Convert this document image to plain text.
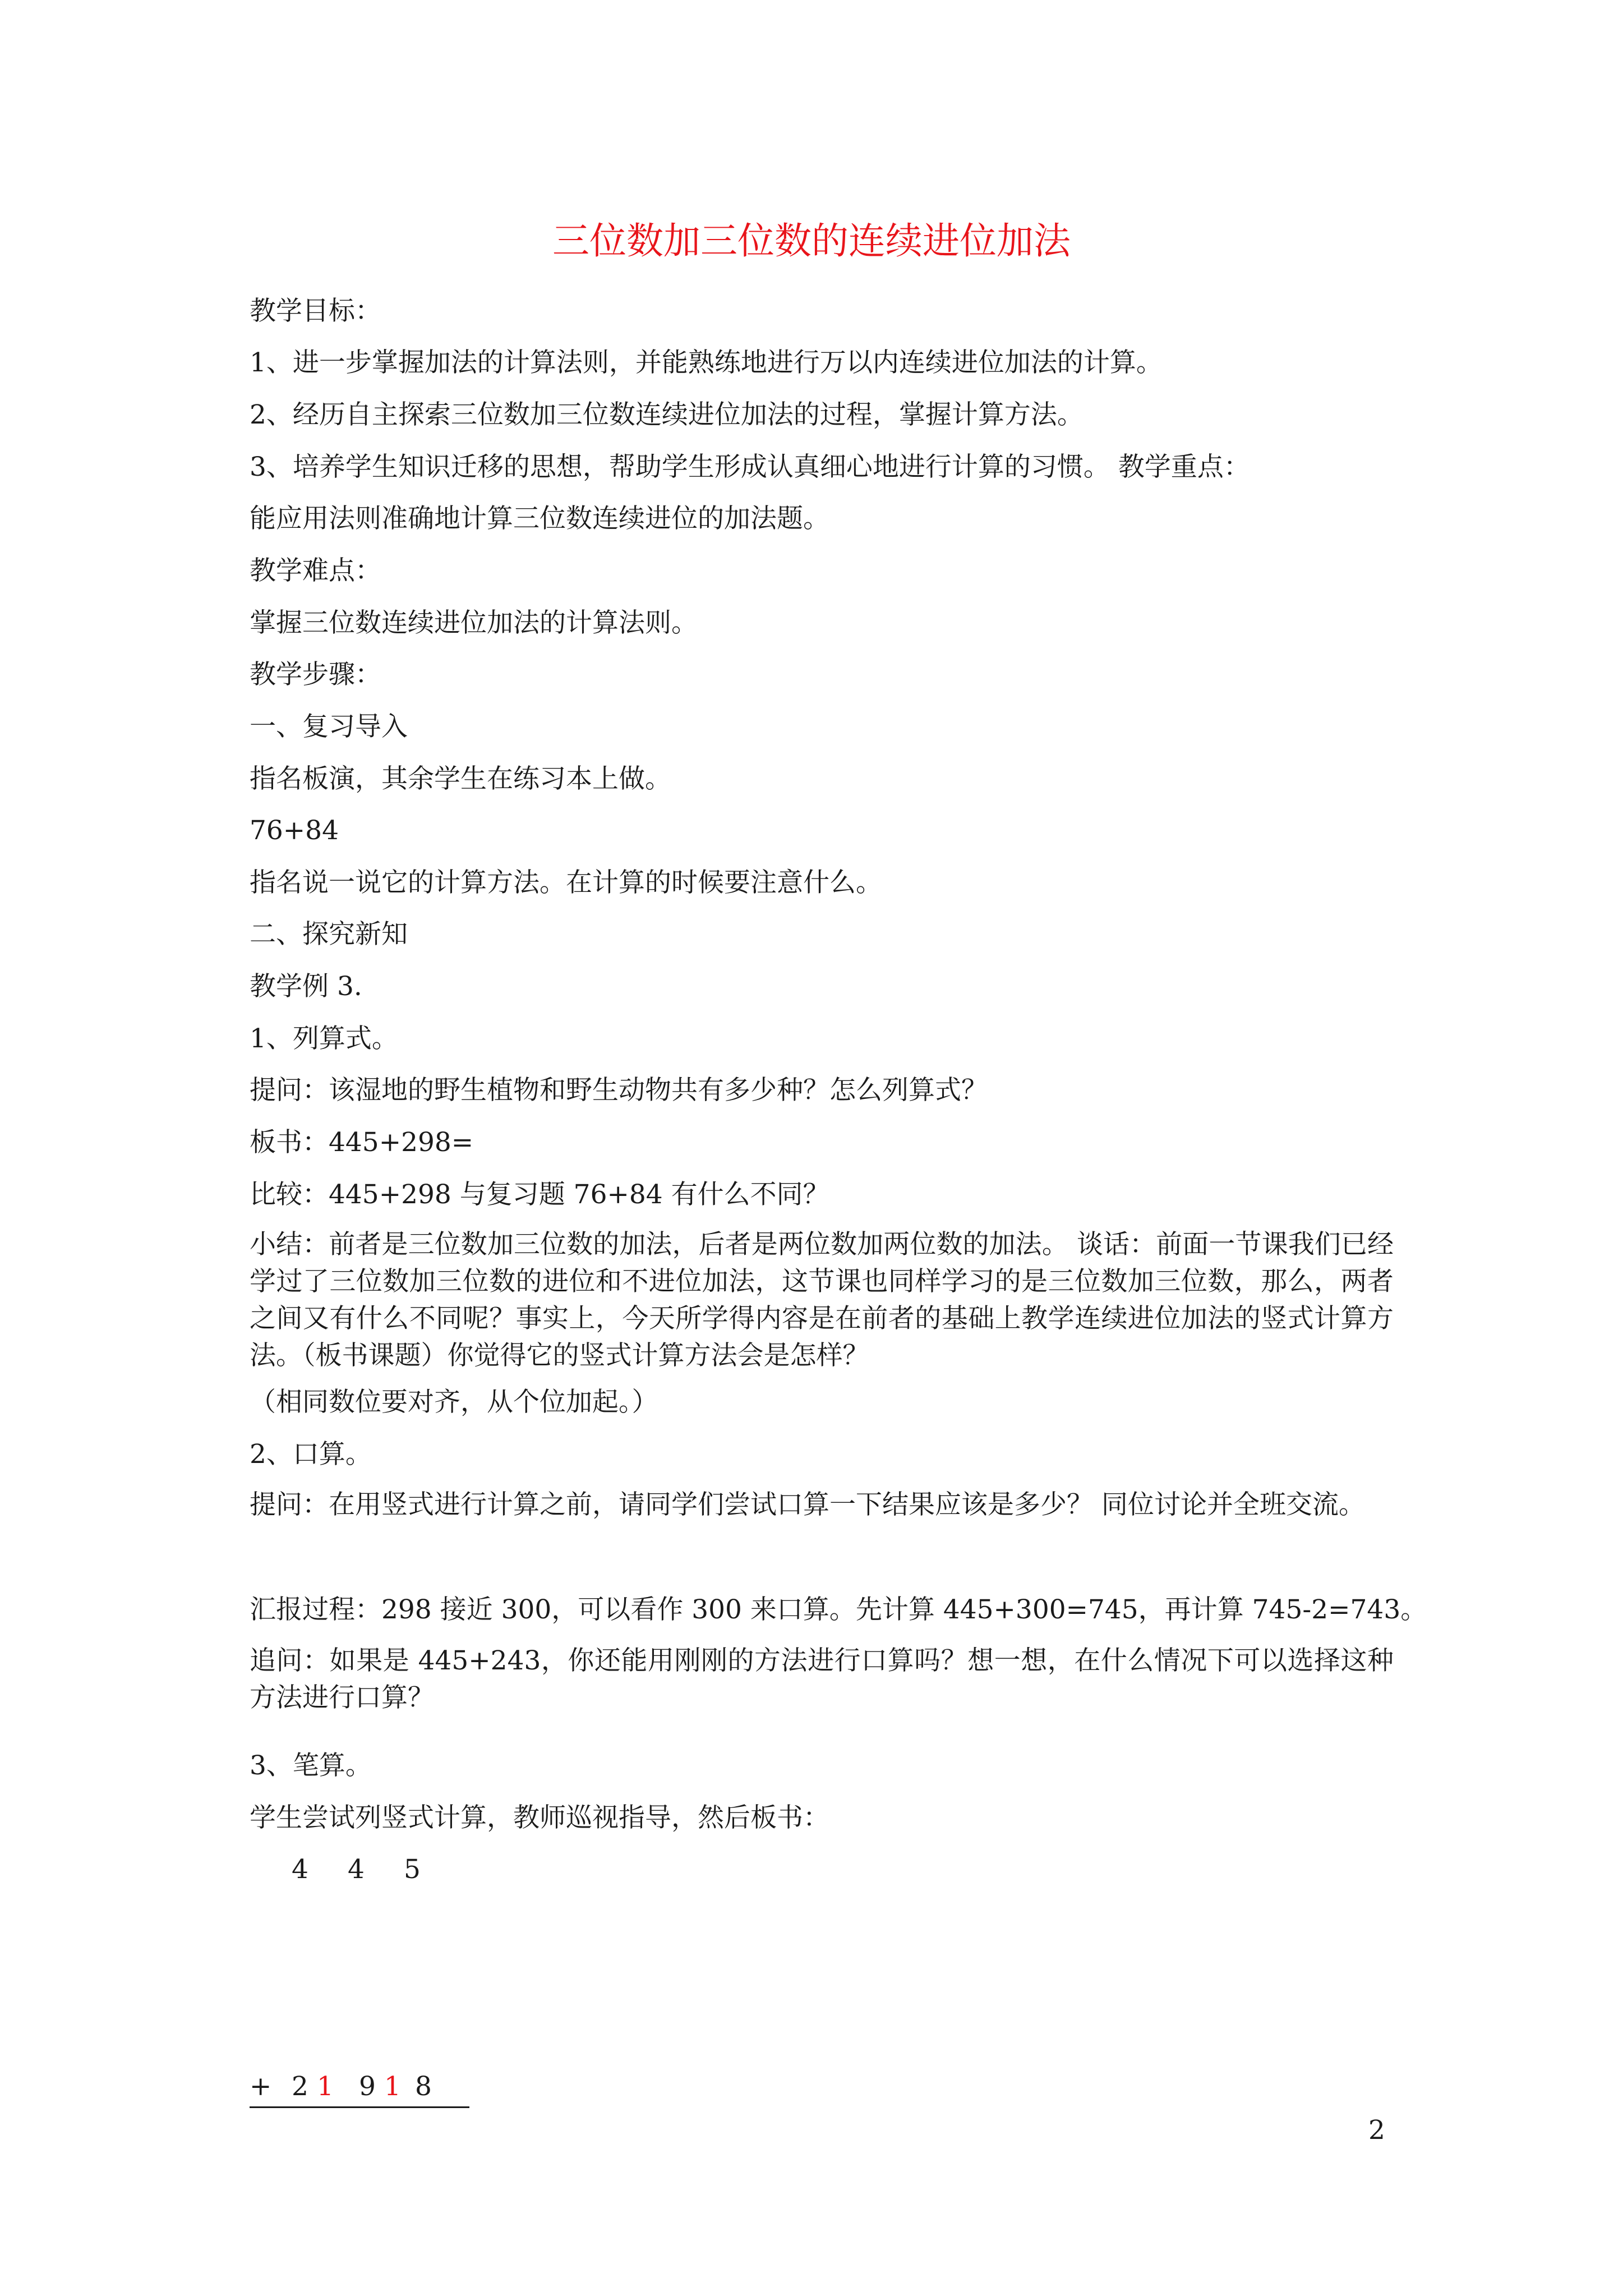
三位数加三位数的连续进位加法
教学目标：
1、进一步掌握加法的计算法则，并能熟练地进行万以内连续进位加法的计算。
2、经历自主探索三位数加三位数连续进位加法的过程，掌握计算方法。
3、培养学生知识迁移的思想，帮助学生形成认真细心地进行计算的习惯。 教学重点：
能应用法则准确地计算三位数连续进位的加法题。
教学难点：
掌握三位数连续进位加法的计算法则。
教学步骤：
一、复习导入
指名板演，其余学生在练习本上做。
76+84
指名说一说它的计算方法。在计算的时候要注意什么。
二、探究新知
教学例 3.
1、列算式。
提问：该湿地的野生植物和野生动物共有多少种？怎么列算式？
板书：445+298=
比较：445+298 与复习题 76+84 有什么不同？
小结：前者是三位数加三位数的加法，后者是两位数加两位数的加法。 谈话：前面一节课我们已经学过了三位数加三位数的进位和不进位加法，这节课也同样学习的是三位数加三位数，那么，两者之间又有什么不同呢？事实上，今天所学得内容是在前者的基础上教学连续进位加法的竖式计算方法。（板书课题）你觉得它的竖式计算方法会是怎样？
（相同数位要对齐，从个位加起。）
2、口算。
提问：在用竖式进行计算之前，请同学们尝试口算一下结果应该是多少？ 同位讨论并全班交流。
汇报过程：298 接近 300，可以看作 300 来口算。先计算 445+300=745，再计算 745-2=743。
追问：如果是 445+243，你还能用刚刚的方法进行口算吗？想一想，在什么情况下可以选择这种方法进行口算？
3、笔算。
学生尝试列竖式计算，教师巡视指导，然后板书：
4 4 5
+ 2 1 9 1 8
2
